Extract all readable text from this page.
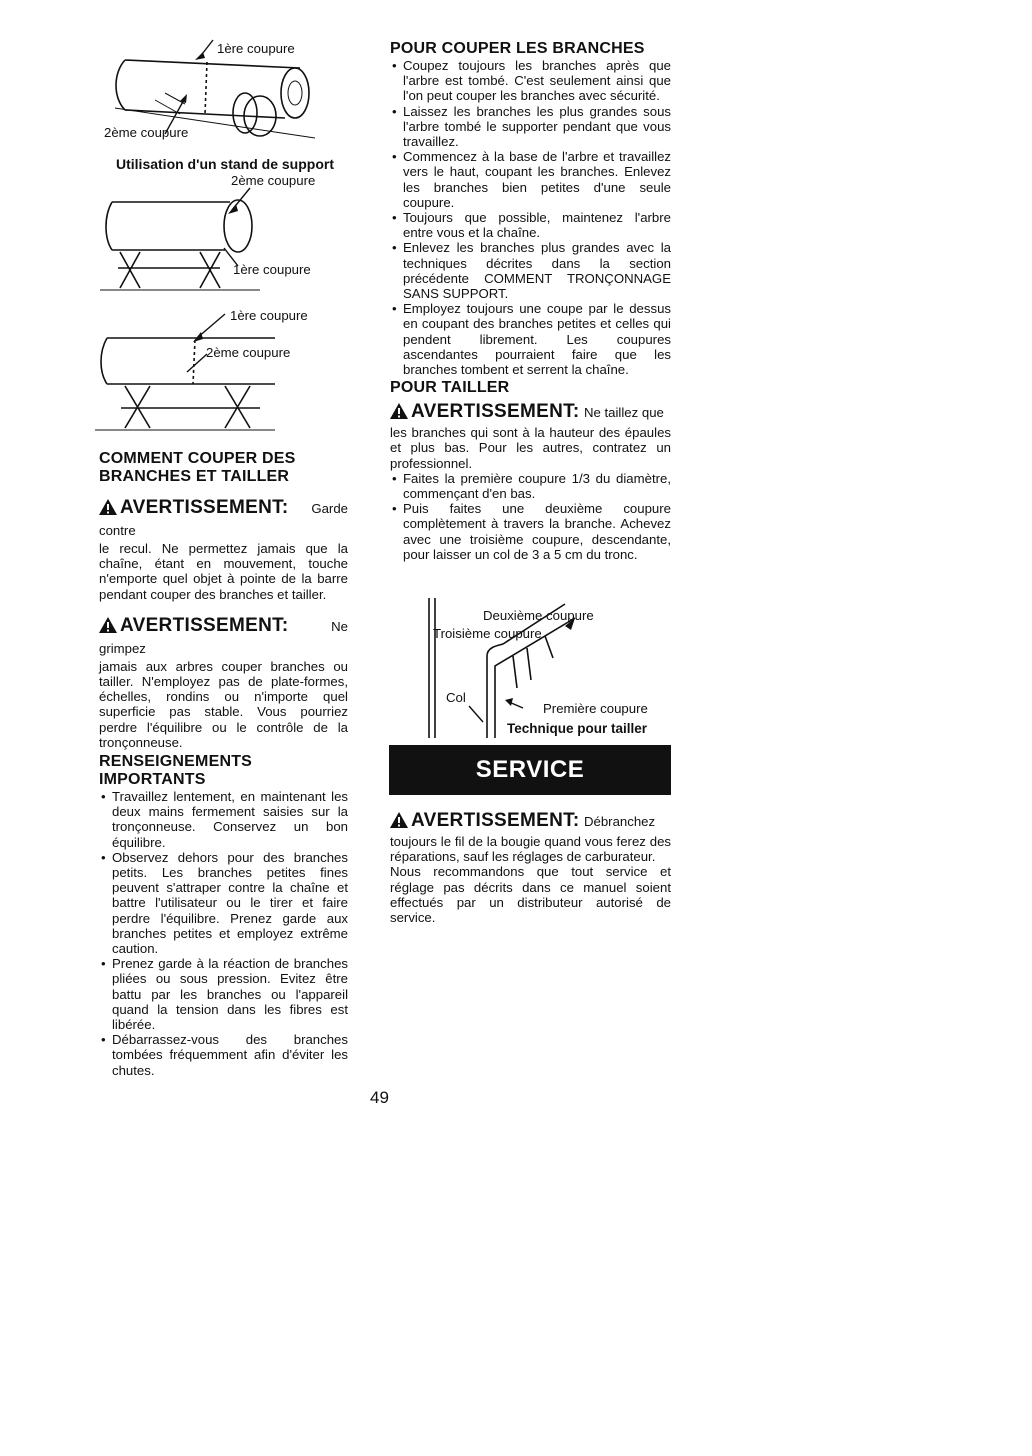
1ère coupure
2ème coupure
Utilisation d'un stand de support
2ème coupure
1ère coupure
1ère coupure
2ème coupure
COMMENT COUPER DES
BRANCHES ET TAILLER
AVERTISSEMENT: Garde contre
le recul. Ne permettez jamais que la chaîne, étant en mouvement, touche n'emporte quel objet à pointe de la barre pendant couper des branches et tailler.
AVERTISSEMENT:	Ne grimpez
jamais aux arbres couper branches ou tailler. N'employez pas de plate-formes, échelles, rondins ou n'importe quel superficie pas stable. Vous pourriez perdre l'équilibre ou le contrôle de la tronçonneuse.
RENSEIGNEMENTS IMPORTANTS
• Travaillez lentement, en maintenant les deux mains fermement saisies sur la tronçonneuse. Conservez un bon équilibre.
• Observez dehors pour des branches petits. Les branches petites fines peuvent s'attraper contre la chaîne et battre l'utilisateur ou le tirer et faire perdre l'équilibre. Prenez garde aux branches petites et employez extrême caution.
• Prenez garde à la réaction de branches pliées ou sous pression. Evitez être battu par les branches ou l'appareil quand la tension dans les fibres est libérée.
• Débarrassez-vous des branches tombées fréquemment afin d'éviter les chutes.
POUR COUPER LES BRANCHES
• Coupez toujours les branches après que l'arbre est tombé. C'est seulement ainsi que l'on peut couper les branches avec sécurité.
• Laissez les branches les plus grandes sous l'arbre tombé le supporter pendant que vous travaillez.
• Commencez à la base de l'arbre et travaillez vers le haut, coupant les branches. Enlevez les branches bien petites d'une seule coupure.
• Toujours que possible, maintenez l'arbre entre vous et la chaîne.
• Enlevez les branches plus grandes avec la techniques décrites dans la section précédente COMMENT TRONÇONNAGE SANS SUPPORT.
• Employez toujours une coupe par le dessus en coupant des branches petites et celles qui pendent librement. Les coupures ascendantes pourraient faire que les branches tombent et serrent la chaîne.
POUR TAILLER
AVERTISSEMENT: Ne taillez que
les branches qui sont à la hauteur des épaules et plus bas. Pour les autres, contratez un professionnel.
• Faites la première coupure 1/3 du diamètre, commençant d'en bas.
• Puis faites une deuxième coupure complètement à travers la branche. Achevez avec une troisième coupure, descendante, pour laisser un col de 3 a 5 cm du tronc.
Deuxième coupure
Troisième coupure
Col
Première coupure
Technique pour tailler
SERVICE
AVERTISSEMENT: Débranchez
toujours le fil de la bougie quand vous ferez des réparations, sauf les réglages de carburateur.
Nous recommandons que tout service et réglage pas décrits dans ce manuel soient effectués par un distributeur autorisé de service.
49
